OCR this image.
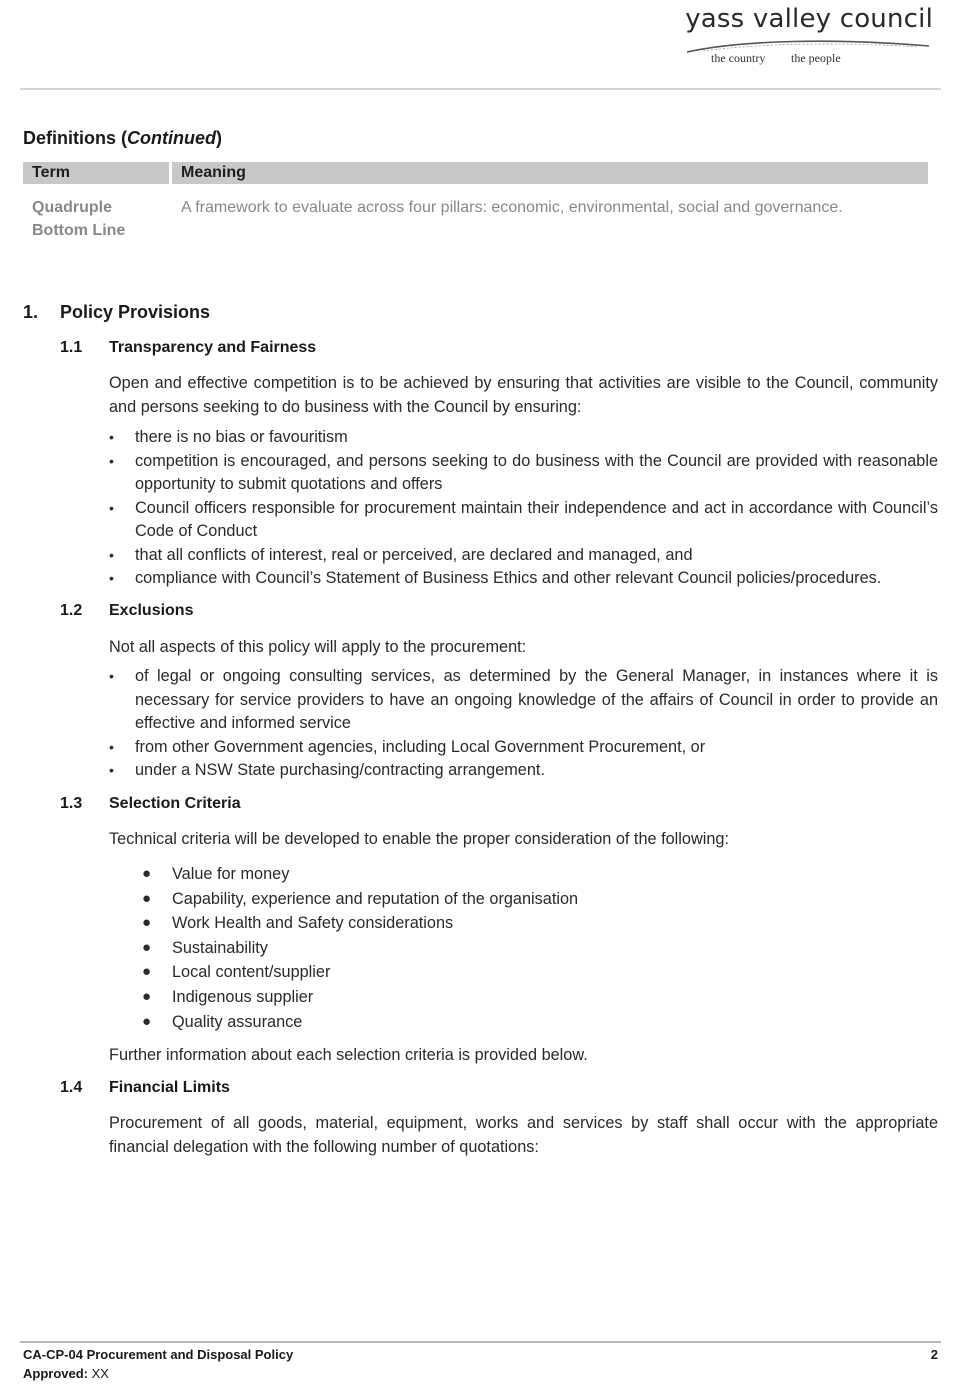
yass valley council
the country the people
Definitions (Continued)
Term	Meaning
Quadruple
Bottom Line
A framework to evaluate across four pillars: economic, environmental, social and governance.
1. Policy Provisions
1.1 Transparency and Fairness
Open and effective competition is to be achieved by ensuring that activities are visible to the Council, community and persons seeking to do business with the Council by ensuring:
• there is no bias or favouritism
• competition is encouraged, and persons seeking to do business with the Council are provided with reasonable opportunity to submit quotations and offers
• Council officers responsible for procurement maintain their independence and act in accordance with Council’s Code of Conduct
• that all conflicts of interest, real or perceived, are declared and managed, and
• compliance with Council’s Statement of Business Ethics and other relevant Council policies/procedures.
1.2 Exclusions
Not all aspects of this policy will apply to the procurement:
• of legal or ongoing consulting services, as determined by the General Manager, in instances where it is necessary for service providers to have an ongoing knowledge of the affairs of Council in order to provide an effective and informed service
• from other Government agencies, including Local Government Procurement, or
• under a NSW State purchasing/contracting arrangement.
1.3 Selection Criteria
Technical criteria will be developed to enable the proper consideration of the following:
● Value for money
● Capability, experience and reputation of the organisation
● Work Health and Safety considerations
● Sustainability
● Local content/supplier
● Indigenous supplier
● Quality assurance
Further information about each selection criteria is provided below.
1.4 Financial Limits
Procurement of all goods, material, equipment, works and services by staff shall occur with the appropriate financial delegation with the following number of quotations:
CA-CP-04 Procurement and Disposal Policy	2
Approved: XX
